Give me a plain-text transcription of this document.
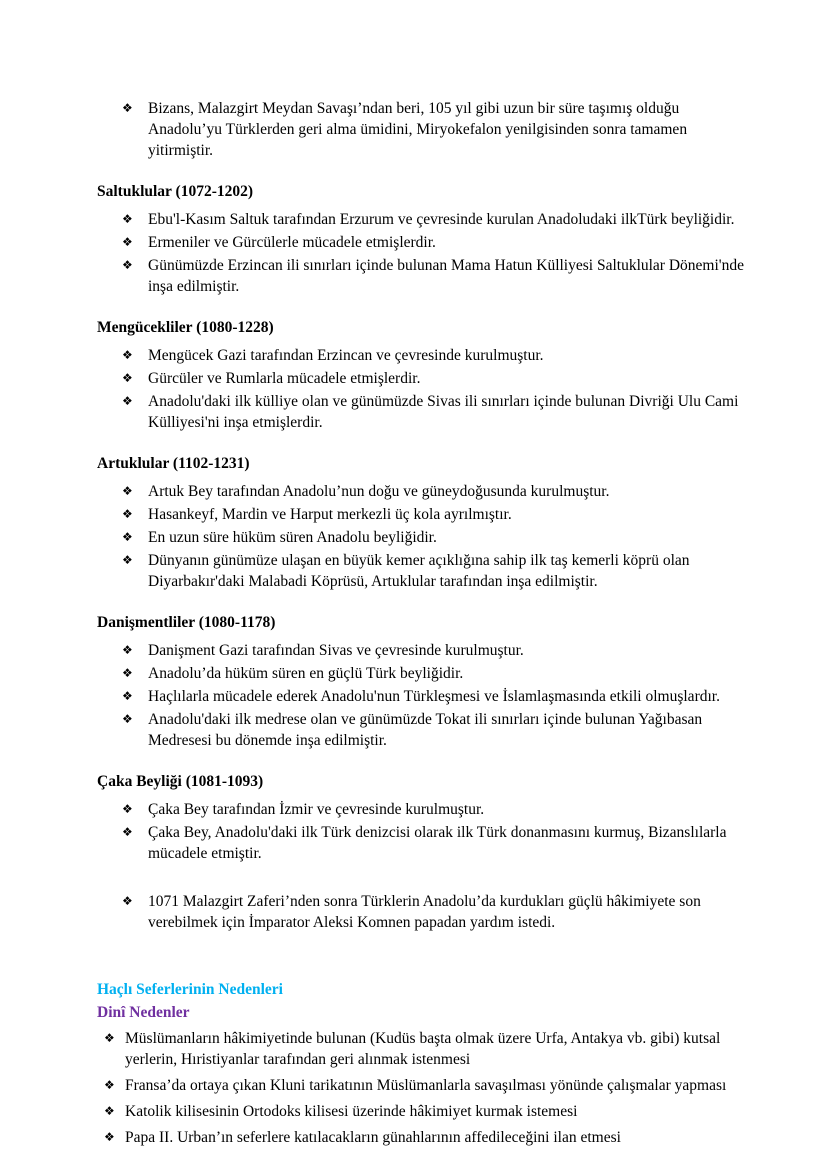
❖ Bizans, Malazgirt Meydan Savaşı’ndan beri, 105 yıl gibi uzun bir süre taşımış olduğu Anadolu’yu Türklerden geri alma ümidini, Miryokefalon yenilgisinden sonra tamamen yitirmiştir.
Saltuklular (1072-1202)
❖ Ebu'l-Kasım Saltuk tarafından Erzurum ve çevresinde kurulan Anadoludaki ilkTürk beyliğidir.
❖ Ermeniler ve Gürcülerle mücadele etmişlerdir.
❖ Günümüzde Erzincan ili sınırları içinde bulunan Mama Hatun Külliyesi Saltuklular Dönemi'nde inşa edilmiştir.
Mengücekliler (1080-1228)
❖ Mengücek Gazi tarafından Erzincan ve çevresinde kurulmuştur.
❖ Gürcüler ve Rumlarla mücadele etmişlerdir.
❖ Anadolu'daki ilk külliye olan ve günümüzde Sivas ili sınırları içinde bulunan Divriği Ulu Cami Külliyesi'ni inşa etmişlerdir.
Artuklular (1102-1231)
❖ Artuk Bey tarafından Anadolu’nun doğu ve güneydoğusunda kurulmuştur.
❖ Hasankeyf, Mardin ve Harput merkezli üç kola ayrılmıştır.
❖ En uzun süre hüküm süren Anadolu beyliğidir.
❖ Dünyanın günümüze ulaşan en büyük kemer açıklığına sahip ilk taş kemerli köprü olan Diyarbakır'daki Malabadi Köprüsü, Artuklular tarafından inşa edilmiştir.
Danişmentliler (1080-1178)
❖ Danişment Gazi tarafından Sivas ve çevresinde kurulmuştur.
❖ Anadolu’da hüküm süren en güçlü Türk beyliğidir.
❖ Haçlılarla mücadele ederek Anadolu'nun Türkleşmesi ve İslamlaşmasında etkili olmuşlardır.
❖ Anadolu'daki ilk medrese olan ve günümüzde Tokat ili sınırları içinde bulunan Yağıbasan Medresesi bu dönemde inşa edilmiştir.
Çaka Beyliği (1081-1093)
❖ Çaka Bey tarafından İzmir ve çevresinde kurulmuştur.
❖ Çaka Bey, Anadolu'daki ilk Türk denizcisi olarak ilk Türk donanmasını kurmuş, Bizanslılarla mücadele etmiştir.
❖ 1071 Malazgirt Zaferi’nden sonra Türklerin Anadolu’da kurdukları güçlü hâkimiyete son verebilmek için İmparator Aleksi Komnen papadan yardım istedi.
Haçlı Seferlerinin Nedenleri
Dinî Nedenler
❖ Müslümanların hâkimiyetinde bulunan (Kudüs başta olmak üzere Urfa, Antakya vb. gibi) kutsal yerlerin, Hıristiyanlar tarafından geri alınmak istenmesi
❖ Fransa’da ortaya çıkan Kluni tarikatının Müslümanlarla savaşılması yönünde çalışmalar yapması
❖ Katolik kilisesinin Ortodoks kilisesi üzerinde hâkimiyet kurmak istemesi
❖ Papa II. Urban’ın seferlere katılacakların günahlarının affedileceğini ilan etmesi
